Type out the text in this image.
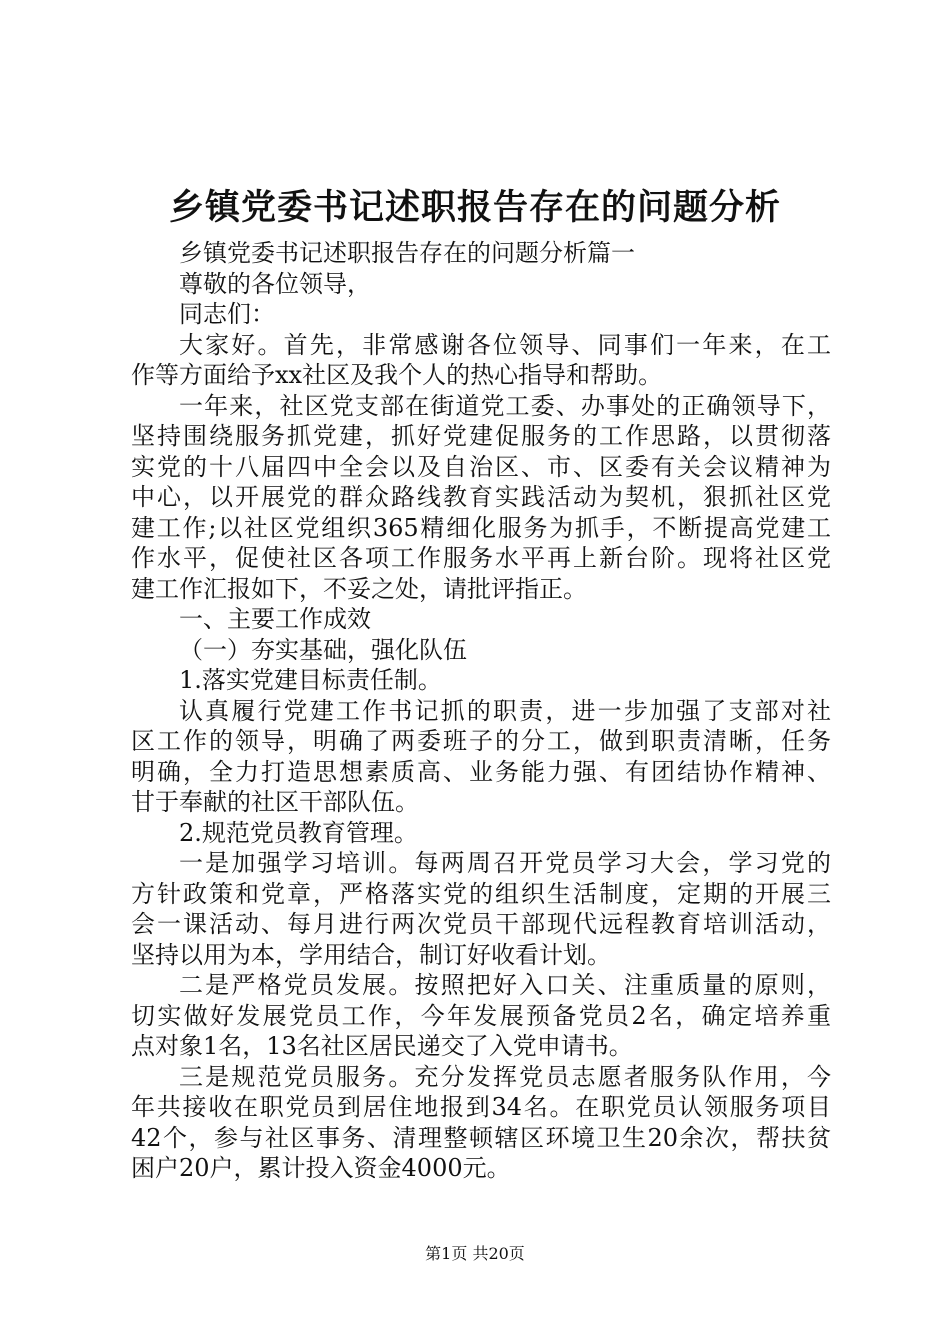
乡镇党委书记述职报告存在的问题分析

乡镇党委书记述职报告存在的问题分析篇一

尊敬的各位领导，

同志们：

大家好。首先，非常感谢各位领导、同事们一年来，在工

作等方面给予xx社区及我个人的热心指导和帮助。

一年来，社区党支部在街道党工委、办事处的正确领导下，

坚持围绕服务抓党建，抓好党建促服务的工作思路，以贯彻落

实党的十八届四中全会以及自治区、市、区委有关会议精神为

中心，以开展党的群众路线教育实践活动为契机，狠抓社区党

建工作;以社区党组织365精细化服务为抓手，不断提高党建工

作水平，促使社区各项工作服务水平再上新台阶。现将社区党

建工作汇报如下，不妥之处，请批评指正。

一、主要工作成效

（一）夯实基础，强化队伍

1.落实党建目标责任制。

认真履行党建工作书记抓的职责，进一步加强了支部对社

区工作的领导，明确了两委班子的分工，做到职责清晰，任务

明确，全力打造思想素质高、业务能力强、有团结协作精神、

甘于奉献的社区干部队伍。

2.规范党员教育管理。

一是加强学习培训。每两周召开党员学习大会，学习党的

方针政策和党章，严格落实党的组织生活制度，定期的开展三

会一课活动、每月进行两次党员干部现代远程教育培训活动，

坚持以用为本，学用结合，制订好收看计划。

二是严格党员发展。按照把好入口关、注重质量的原则，

切实做好发展党员工作，今年发展预备党员2名，确定培养重

点对象1名，13名社区居民递交了入党申请书。

三是规范党员服务。充分发挥党员志愿者服务队作用，今

年共接收在职党员到居住地报到34名。在职党员认领服务项目

42个，参与社区事务、清理整顿辖区环境卫生20余次，帮扶贫

困户20户，累计投入资金4000元。

第1页 共20页
